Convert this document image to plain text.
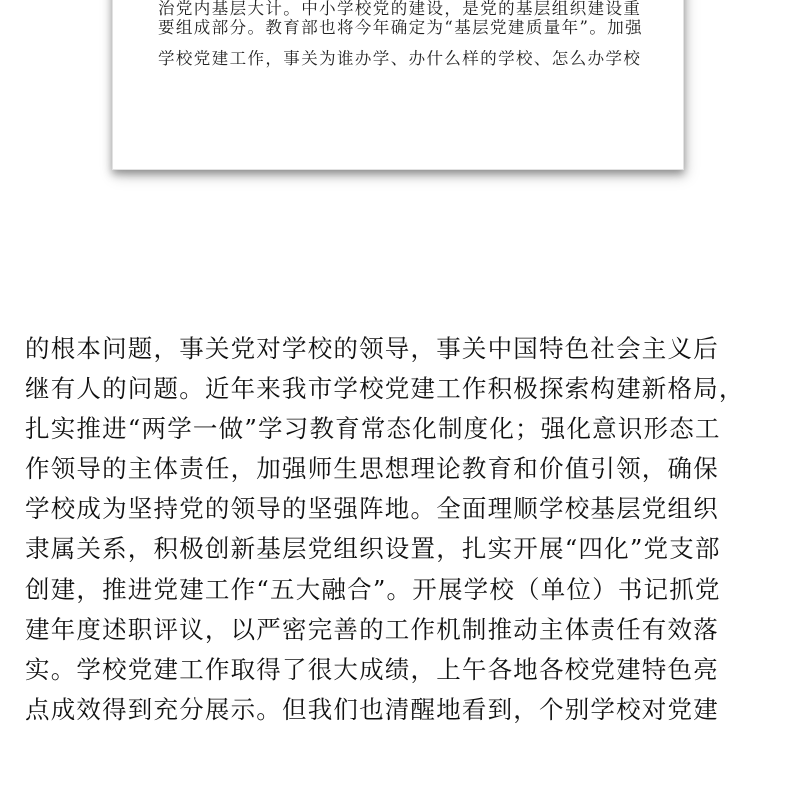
治党内基层大计。中小学校党的建设，是党的基层组织建设重
要组成部分。教育部也将今年确定为“基层党建质量年”。加强
学校党建工作，事关为谁办学、办什么样的学校、怎么办学校
的根本问题，事关党对学校的领导，事关中国特色社会主义后
继有人的问题。近年来我市学校党建工作积极探索构建新格局，
扎实推进“两学一做”学习教育常态化制度化；强化意识形态工
作领导的主体责任，加强师生思想理论教育和价值引领，确保
学校成为坚持党的领导的坚强阵地。全面理顺学校基层党组织
隶属关系，积极创新基层党组织设置，扎实开展“四化”党支部
创建，推进党建工作“五大融合”。开展学校（单位）书记抓党
建年度述职评议，以严密完善的工作机制推动主体责任有效落
实。学校党建工作取得了很大成绩，上午各地各校党建特色亮
点成效得到充分展示。但我们也清醒地看到，个别学校对党建
